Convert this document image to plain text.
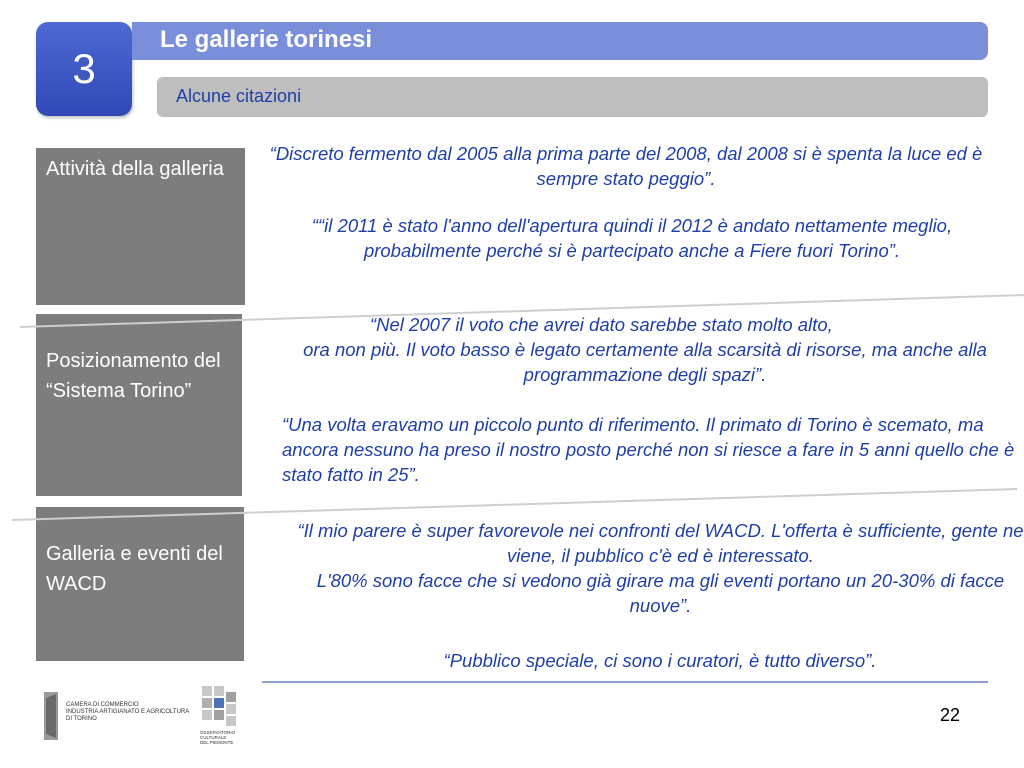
3
Le gallerie torinesi
Alcune citazioni
Attività della galleria
Posizionamento del “Sistema Torino”
Galleria e eventi del WACD

“Discreto fermento dal 2005 alla prima parte del 2008, dal 2008 si è spenta la luce ed è sempre stato peggio”.

““il 2011 è stato l'anno dell'apertura quindi il 2012 è andato nettamente meglio, probabilmente perché si è partecipato anche a Fiere fuori Torino”.

“Nel 2007 il voto che avrei dato sarebbe stato molto alto,

ora non più. Il voto basso è legato certamente alla scarsità di risorse, ma anche alla programmazione degli spazi”.

“Una volta eravamo un piccolo punto di riferimento. Il primato di Torino è scemato, ma ancora nessuno ha preso il nostro posto perché non si riesce a fare in 5 anni quello che è stato fatto in 25”.

“Il mio parere è super favorevole nei confronti del WACD. L'offerta è sufficiente, gente ne viene, il pubblico c'è ed è interessato.

L'80% sono facce che si vedono già girare ma gli eventi portano un 20-30% di facce nuove”.

“Pubblico speciale, ci sono i curatori, è tutto diverso”.

CAMERA DI COMMERCIO
INDUSTRIA ARTIGIANATO E AGRICOLTURA
DI TORINO
OSSERVATORIO
CULTURALE
DEL PIEMONTE
22
